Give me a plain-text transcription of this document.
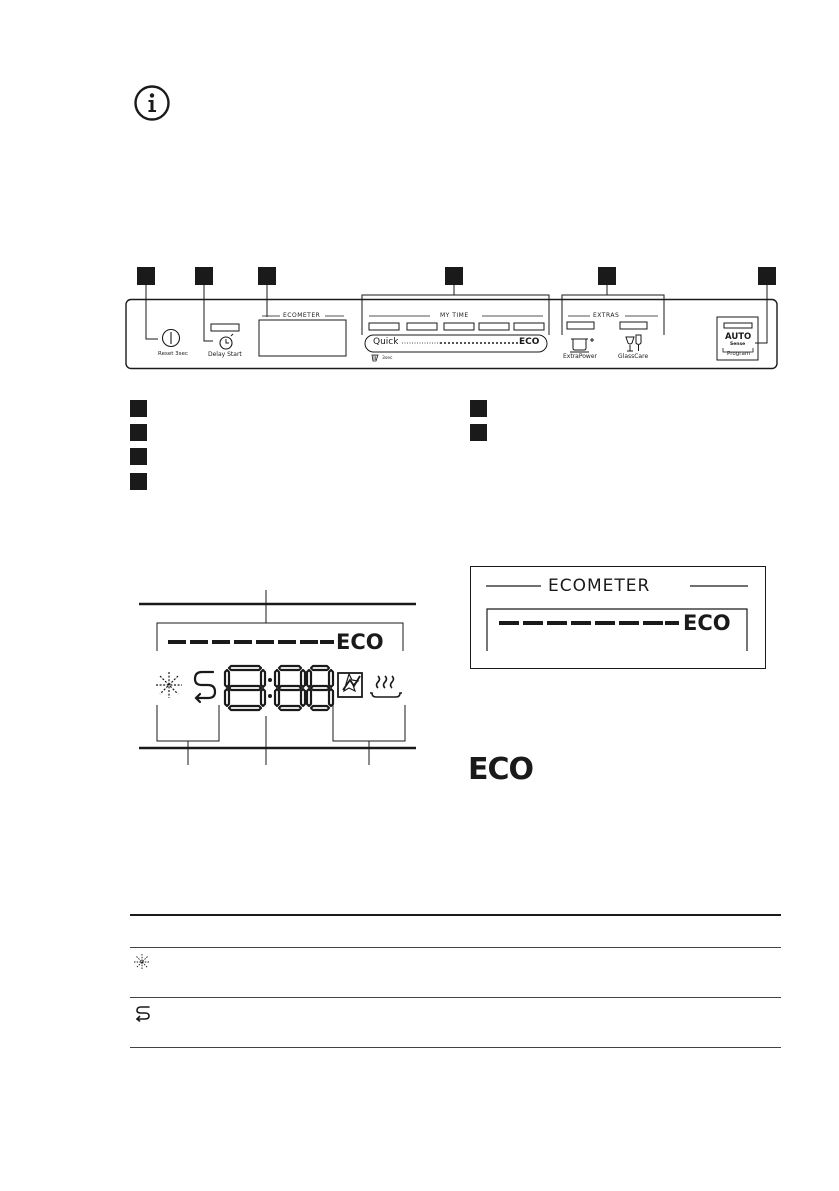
ECOMETER	MY TIME	EXTRAS
Reset 3sec	Delay Start
Quick	ECO
3sec	ExtraPower	GlassCare
AUTO
Sense
Program
ECO
ECOMETER
ECO
ECO
